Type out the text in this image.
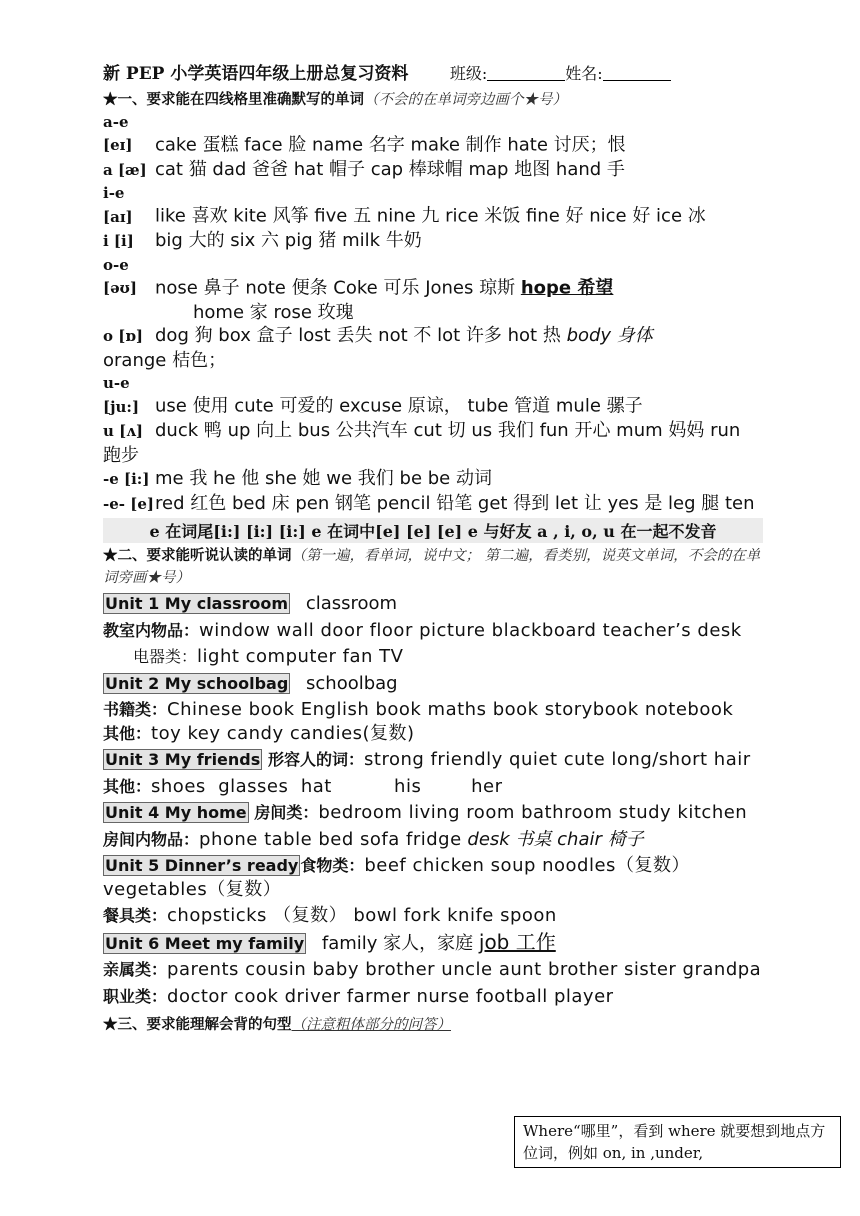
新 PEP 小学英语四年级上册总复习资料	班级:	姓名:
★一、要求能在四线格里准确默写的单词（不会的在单词旁边画个★号）
a-e [eɪ] cake 蛋糕 face 脸 name 名字 make 制作 hate 讨厌；恨
a [æ] cat 猫 dad 爸爸 hat 帽子 cap 棒球帽 map 地图 hand 手
i-e [aɪ] like 喜欢 kite 风筝 five 五 nine 九 rice 米饭 fine 好 nice 好 ice 冰
i [i] big 大的 six 六 pig 猪 milk 牛奶
o-e [əʊ] nose 鼻子 note 便条 Coke 可乐 Jones 琼斯 hope 希望
home 家 rose 玫瑰
o [ɒ] dog 狗 box 盒子 lost 丢失 not 不 lot 许多 hot 热 body 身体
orange 桔色；
u-e [ju:] use 使用 cute 可爱的 excuse 原谅， tube 管道 mule 骡子
u [ʌ] duck 鸭 up 向上 bus 公共汽车 cut 切 us 我们 fun 开心 mum 妈妈 run 跑步
-e [i:] me 我 he 他 she 她 we 我们 be be 动词
-e- [e]red 红色 bed 床 pen 钢笔 pencil 铅笔 get 得到 let 让 yes 是 leg 腿 ten
e 在词尾[i:] [i:] [i:] e 在词中[e] [e] [e] e 与好友 a , i, o, u 在一起不发音
★二、要求能听说认读的单词（第一遍，看单词，说中文； 第二遍，看类别，说英文单词，不会的在单词旁画★号）
Unit 1 My classroom classroom
教室内物品：window wall door floor picture blackboard teacher’s desk
电器类：light computer fan TV
Unit 2 My schoolbag schoolbag
书籍类：Chinese book English book maths book storybook notebook 其他：toy key candy candies(复数)
Unit 3 My friends 形容人的词：strong friendly quiet cute long/short hair
其他：shoes  glasses  hat          his        her
Unit 4 My home 房间类：bedroom living room bathroom study kitchen
房间内物品：phone table bed sofa fridge desk 书桌 chair 椅子
Unit 5 Dinner’s ready 食物类：beef chicken soup noodles（复数） vegetables（复数）
餐具类：chopsticks （复数） bowl fork knife spoon
Unit 6 Meet my family family 家人，家庭 job 工作
亲属类：parents cousin baby brother uncle aunt brother sister grandpa
职业类：doctor cook driver farmer nurse football player
★三、要求能理解会背的句型（注意粗体部分的问答）
Where“哪里”，看到 where 就要想到地点方位词，例如 on, in ,under,
